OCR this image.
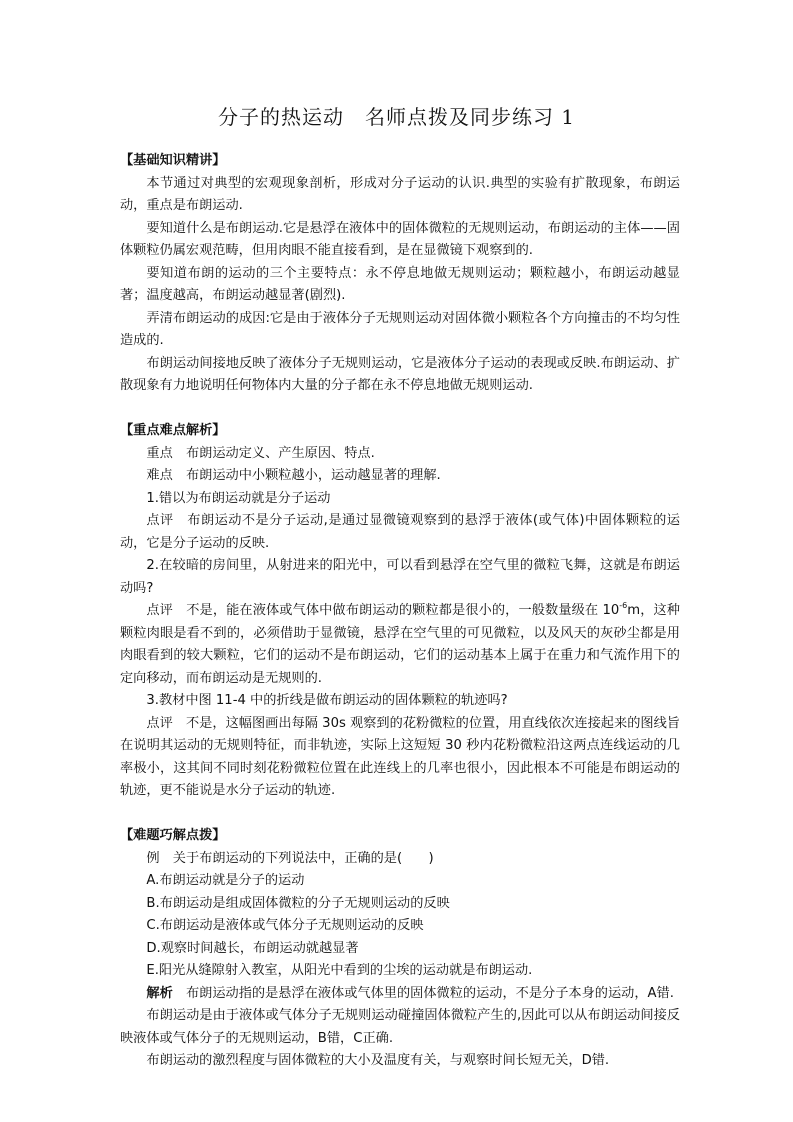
分子的热运动　名师点拨及同步练习 1

【基础知识精讲】

本节通过对典型的宏观现象剖析，形成对分子运动的认识.典型的实验有扩散现象，布朗运动，重点是布朗运动.

要知道什么是布朗运动.它是悬浮在液体中的固体微粒的无规则运动，布朗运动的主体——固体颗粒仍属宏观范畴，但用肉眼不能直接看到，是在显微镜下观察到的.

要知道布朗的运动的三个主要特点：永不停息地做无规则运动；颗粒越小，布朗运动越显著；温度越高，布朗运动越显著(剧烈).

弄清布朗运动的成因:它是由于液体分子无规则运动对固体微小颗粒各个方向撞击的不均匀性造成的.

布朗运动间接地反映了液体分子无规则运动，它是液体分子运动的表现或反映.布朗运动、扩散现象有力地说明任何物体内大量的分子都在永不停息地做无规则运动.

【重点难点解析】

重点　布朗运动定义、产生原因、特点.

难点　布朗运动中小颗粒越小，运动越显著的理解.

1.错以为布朗运动就是分子运动

点评　布朗运动不是分子运动,是通过显微镜观察到的悬浮于液体(或气体)中固体颗粒的运动，它是分子运动的反映.

2.在较暗的房间里，从射进来的阳光中，可以看到悬浮在空气里的微粒飞舞，这就是布朗运动吗?

点评　不是，能在液体或气体中做布朗运动的颗粒都是很小的，一般数量级在 $10^{-6}m$，这种颗粒肉眼是看不到的，必须借助于显微镜，悬浮在空气里的可见微粒，以及风天的灰砂尘都是用肉眼看到的较大颗粒，它们的运动不是布朗运动，它们的运动基本上属于在重力和气流作用下的定向移动，而布朗运动是无规则的.

3.教材中图 11-4 中的折线是做布朗运动的固体颗粒的轨迹吗?

点评　不是，这幅图画出每隔 30s 观察到的花粉微粒的位置，用直线依次连接起来的图线旨在说明其运动的无规则特征，而非轨迹，实际上这短短 30 秒内花粉微粒沿这两点连线运动的几率极小，这其间不同时刻花粉微粒位置在此连线上的几率也很小，因此根本不可能是布朗运动的轨迹，更不能说是水分子运动的轨迹.

【难题巧解点拨】

例　关于布朗运动的下列说法中，正确的是(　　)

A.布朗运动就是分子的运动

B.布朗运动是组成固体微粒的分子无规则运动的反映

C.布朗运动是液体或气体分子无规则运动的反映

D.观察时间越长，布朗运动就越显著

E.阳光从缝隙射入教室，从阳光中看到的尘埃的运动就是布朗运动.

解析　布朗运动指的是悬浮在液体或气体里的固体微粒的运动，不是分子本身的运动，A错.

布朗运动是由于液体或气体分子无规则运动碰撞固体微粒产生的,因此可以从布朗运动间接反映液体或气体分子的无规则运动，B错，C正确.

布朗运动的激烈程度与固体微粒的大小及温度有关，与观察时间长短无关，D错.
